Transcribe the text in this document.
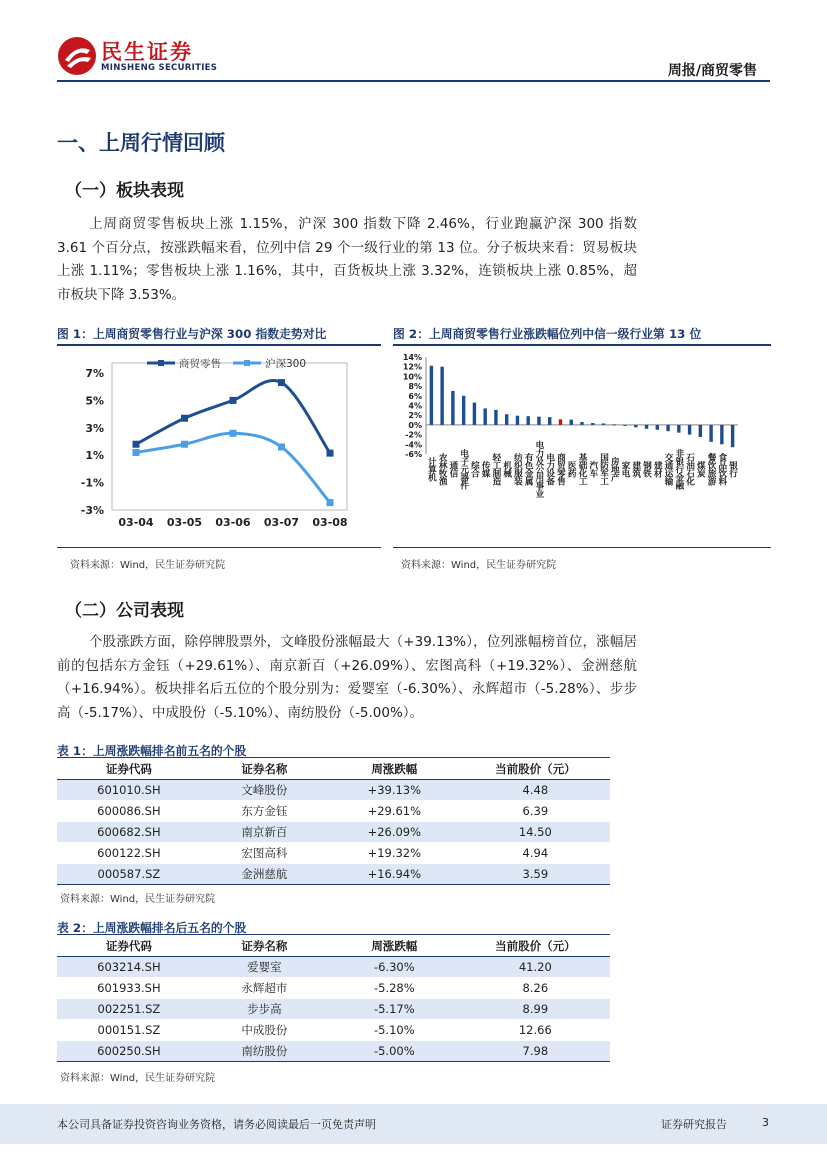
民生证券
MINSHENG SECURITIES	周报/商贸零售
一、上周行情回顾
（一）板块表现
上周商贸零售板块上涨 1.15%，沪深 300 指数下降 2.46%，行业跑赢沪深 300 指数 3.61 个百分点，按涨跌幅来看，位列中信 29 个一级行业的第 13 位。分子板块来看：贸易板块上涨 1.11%；零售板块上涨 1.16%，其中，百货板块上涨 3.32%，连锁板块上涨 0.85%，超市板块下降 3.53%。
图 1：上周商贸零售行业与沪深 300 指数走势对比
7%
5%
3%
1%
-1%
-3%
03-04 03-05 03-06 03-07 03-08
商贸零售	沪深300
资料来源：Wind，民生证券研究院
图 2：上周商贸零售行业涨跌幅位列中信一级行业第 13 位
14%
12%
10%
8%
6%
4%
2%
0%
-2%
-4%
-6%
计算机 农林牧渔 通信 电子元器件 综合 传媒 轻工制造 机械 纺织服装 有色金属 电力及公用事业 电力设备 商贸零售 医药 基础化工 汽车 国防军工 房地产 家电 建筑 钢铁 建材 交通运输 非银行金融 石油石化 煤炭 餐饮旅游 食品饮料 银行
资料来源：Wind，民生证券研究院
（二）公司表现
个股涨跌方面，除停牌股票外，文峰股份涨幅最大（+39.13%），位列涨幅榜首位，涨幅居前的包括东方金钰（+29.61%）、南京新百（+26.09%）、宏图高科（+19.32%）、金洲慈航（+16.94%）。板块排名后五位的个股分别为：爱婴室（-6.30%）、永辉超市（-5.28%）、步步高（-5.17%）、中成股份（-5.10%）、南纺股份（-5.00%）。
表 1：上周涨跌幅排名前五名的个股
证券代码	证券名称	周涨跌幅	当前股价（元）
601010.SH	文峰股份	+39.13%	4.48
600086.SH	东方金钰	+29.61%	6.39
600682.SH	南京新百	+26.09%	14.50
600122.SH	宏图高科	+19.32%	4.94
000587.SZ	金洲慈航	+16.94%	3.59
资料来源：Wind，民生证券研究院
表 2：上周涨跌幅排名后五名的个股
证券代码	证券名称	周涨跌幅	当前股价（元）
603214.SH	爱婴室	-6.30%	41.20
601933.SH	永辉超市	-5.28%	8.26
002251.SZ	步步高	-5.17%	8.99
000151.SZ	中成股份	-5.10%	12.66
600250.SH	南纺股份	-5.00%	7.98
资料来源：Wind，民生证券研究院
本公司具备证券投资咨询业务资格，请务必阅读最后一页免责声明	证券研究报告	3
